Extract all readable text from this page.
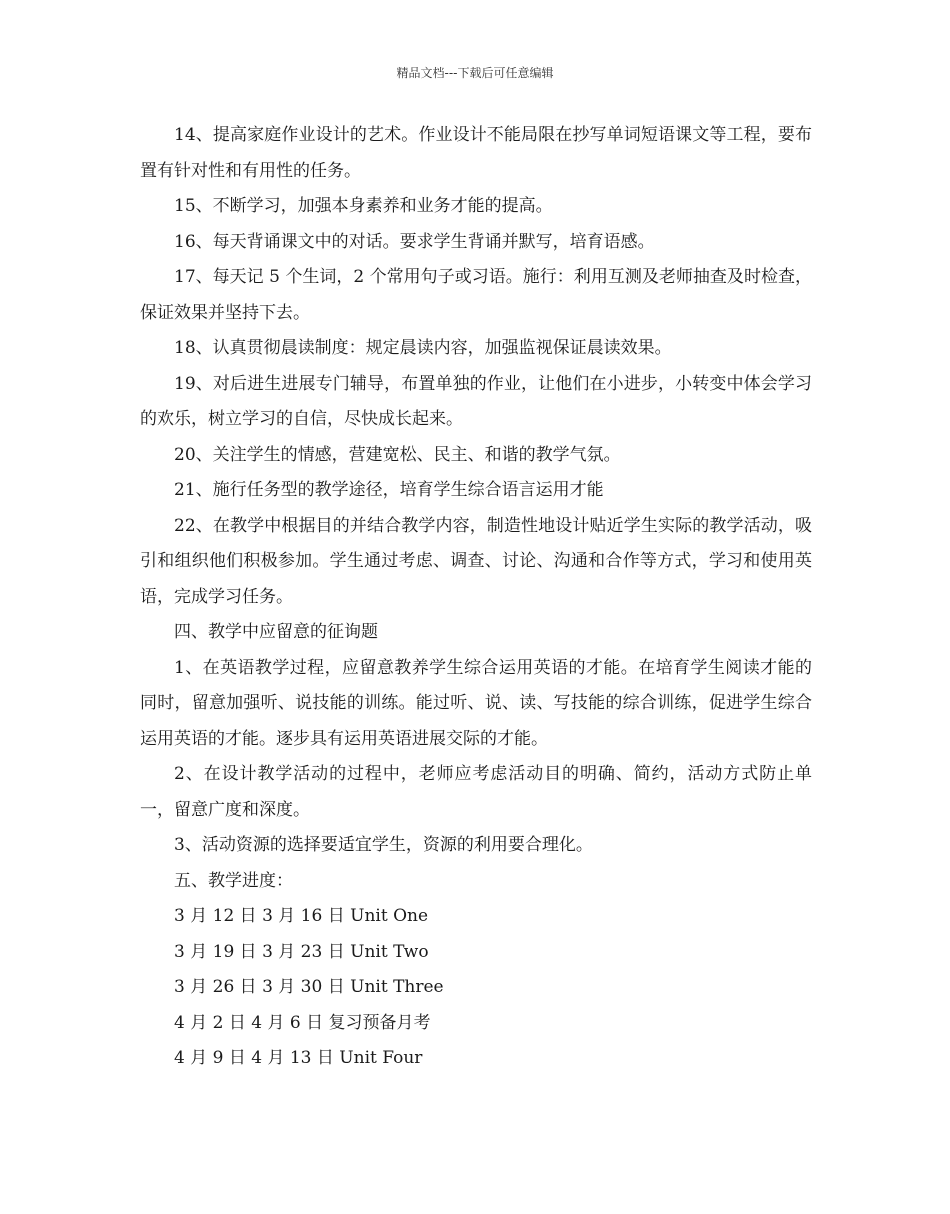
精品文档---下载后可任意编辑

14、提高家庭作业设计的艺术。作业设计不能局限在抄写单词短语课文等工程，要布置有针对性和有用性的任务。

15、不断学习，加强本身素养和业务才能的提高。

16、每天背诵课文中的对话。要求学生背诵并默写，培育语感。

17、每天记 5 个生词，2 个常用句子或习语。施行：利用互测及老师抽查及时检查，保证效果并坚持下去。

18、认真贯彻晨读制度：规定晨读内容，加强监视保证晨读效果。

19、对后进生进展专门辅导，布置单独的作业，让他们在小进步，小转变中体会学习的欢乐，树立学习的自信，尽快成长起来。

20、关注学生的情感，营建宽松、民主、和谐的教学气氛。

21、施行任务型的教学途径，培育学生综合语言运用才能

22、在教学中根据目的并结合教学内容，制造性地设计贴近学生实际的教学活动，吸引和组织他们积极参加。学生通过考虑、调查、讨论、沟通和合作等方式，学习和使用英语，完成学习任务。

四、教学中应留意的征询题

1、在英语教学过程，应留意教养学生综合运用英语的才能。在培育学生阅读才能的同时，留意加强听、说技能的训练。能过听、说、读、写技能的综合训练，促进学生综合运用英语的才能。逐步具有运用英语进展交际的才能。

2、在设计教学活动的过程中，老师应考虑活动目的明确、简约，活动方式防止单一，留意广度和深度。

3、活动资源的选择要适宜学生，资源的利用要合理化。

五、教学进度：

3 月 12 日 3 月 16 日 Unit One

3 月 19 日 3 月 23 日 Unit Two

3 月 26 日 3 月 30 日 Unit Three

4 月 2 日 4 月 6 日 复习预备月考

4 月 9 日 4 月 13 日 Unit Four
